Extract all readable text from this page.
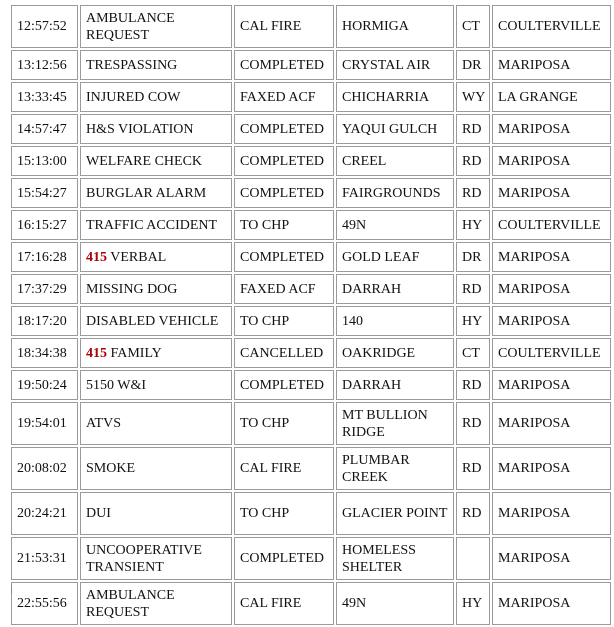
12:57:52	AMBULANCE REQUEST	CAL FIRE	HORMIGA	CT	COULTERVILLE
13:12:56	TRESPASSING	COMPLETED	CRYSTAL AIR	DR	MARIPOSA
13:33:45	INJURED COW	FAXED ACF	CHICHARRIA	WY	LA GRANGE
14:57:47	H&S VIOLATION	COMPLETED	YAQUI GULCH	RD	MARIPOSA
15:13:00	WELFARE CHECK	COMPLETED	CREEL	RD	MARIPOSA
15:54:27	BURGLAR ALARM	COMPLETED	FAIRGROUNDS	RD	MARIPOSA
16:15:27	TRAFFIC ACCIDENT	TO CHP	49N	HY	COULTERVILLE
17:16:28	415 VERBAL	COMPLETED	GOLD LEAF	DR	MARIPOSA
17:37:29	MISSING DOG	FAXED ACF	DARRAH	RD	MARIPOSA
18:17:20	DISABLED VEHICLE	TO CHP	140	HY	MARIPOSA
18:34:38	415 FAMILY	CANCELLED	OAKRIDGE	CT	COULTERVILLE
19:50:24	5150 W&I	COMPLETED	DARRAH	RD	MARIPOSA
19:54:01	ATVS	TO CHP	MT BULLION RIDGE	RD	MARIPOSA
20:08:02	SMOKE	CAL FIRE	PLUMBAR CREEK	RD	MARIPOSA
20:24:21	DUI	TO CHP	GLACIER POINT	RD	MARIPOSA
21:53:31	UNCOOPERATIVE TRANSIENT	COMPLETED	HOMELESS SHELTER		MARIPOSA
22:55:56	AMBULANCE REQUEST	CAL FIRE	49N	HY	MARIPOSA
